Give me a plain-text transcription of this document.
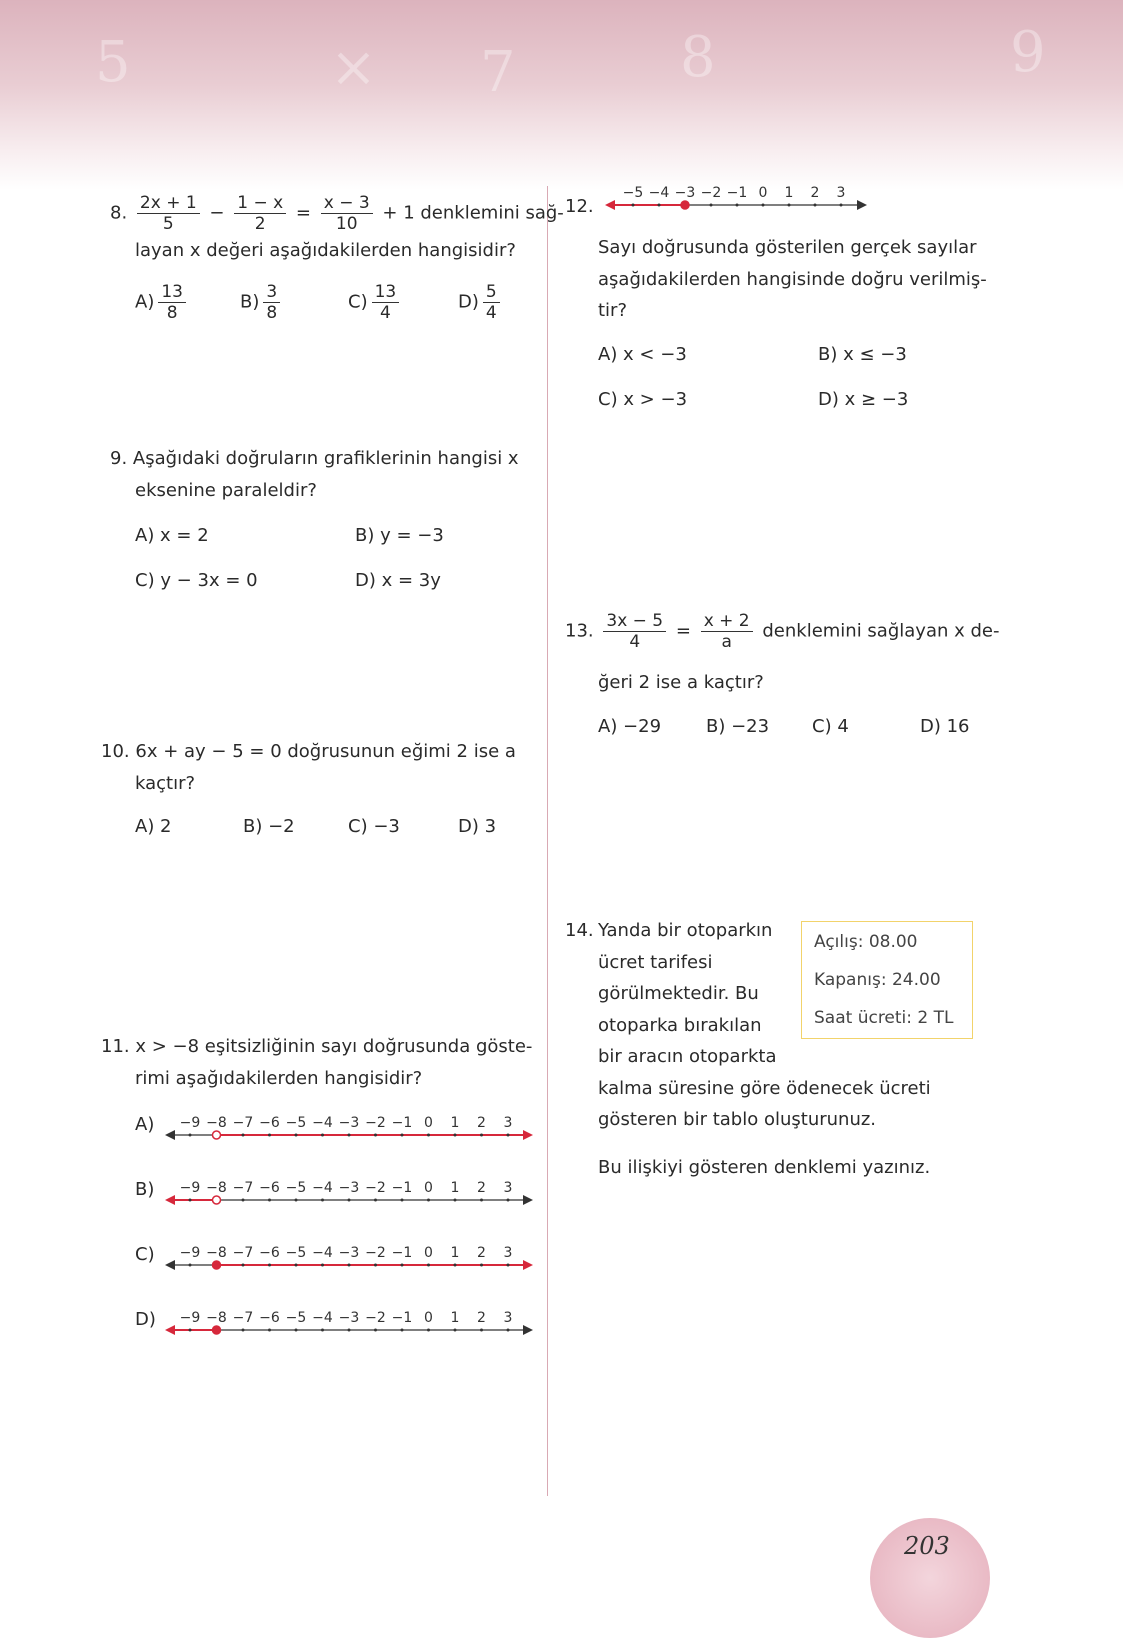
5	× 7	8	9
8. $\frac{2x + 1}{5} - \frac{1 - x}{2} = \frac{x - 3}{10} + 1$ denklemini sağ-
layan x değeri aşağıdakilerden hangisidir?
$A) \frac{13}{8}$	$B) \frac{3}{8}$	$C) \frac{13}{4}$	$D) \frac{5}{4}$
9. Aşağıdaki doğruların grafiklerinin hangisi x
eksenine paraleldir?
A) x = 2	B) y = −3
C) y − 3x = 0	D) x = 3y
10. 6x + ay − 5 = 0 doğrusunun eğimi 2 ise a
kaçtır?
A) 2	B) −2	C) −3	D) 3
11. x > −8 eşitsizliğinin sayı doğrusunda göste-
rimi aşağıdakilerden hangisidir?
A) −9 −8 −7 −6 −5 −4 −3 −2 −1 0 1 2 3
B) −9 −8 −7 −6 −5 −4 −3 −2 −1 0 1 2 3
C) −9 −8 −7 −6 −5 −4 −3 −2 −1 0 1 2 3
D) −9 −8 −7 −6 −5 −4 −3 −2 −1 0 1 2 3
12.
−5 −4 −3 −2 −1 0 1 2 3
Sayı doğrusunda gösterilen gerçek sayılar
aşağıdakilerden hangisinde doğru verilmiş-
tir?
A) x < −3	B) x ≤ −3
C) x > −3	D) x ≥ −3
13. $\frac{3x - 5}{4} = \frac{x + 2}{a}$ denklemini sağlayan x de-
ğeri 2 ise a kaçtır?
A) −29 B) −23 C) 4	D) 16
14. Yanda bir otoparkın
ücret tarifesi
görülmektedir. Bu
otoparka bırakılan
bir aracın otoparkta
kalma süresine göre ödenecek ücreti
gösteren bir tablo oluşturunuz.
Bu ilişkiyi gösteren denklemi yazınız.
Açılış: 08.00
Kapanış: 24.00
Saat ücreti: 2 TL
203
